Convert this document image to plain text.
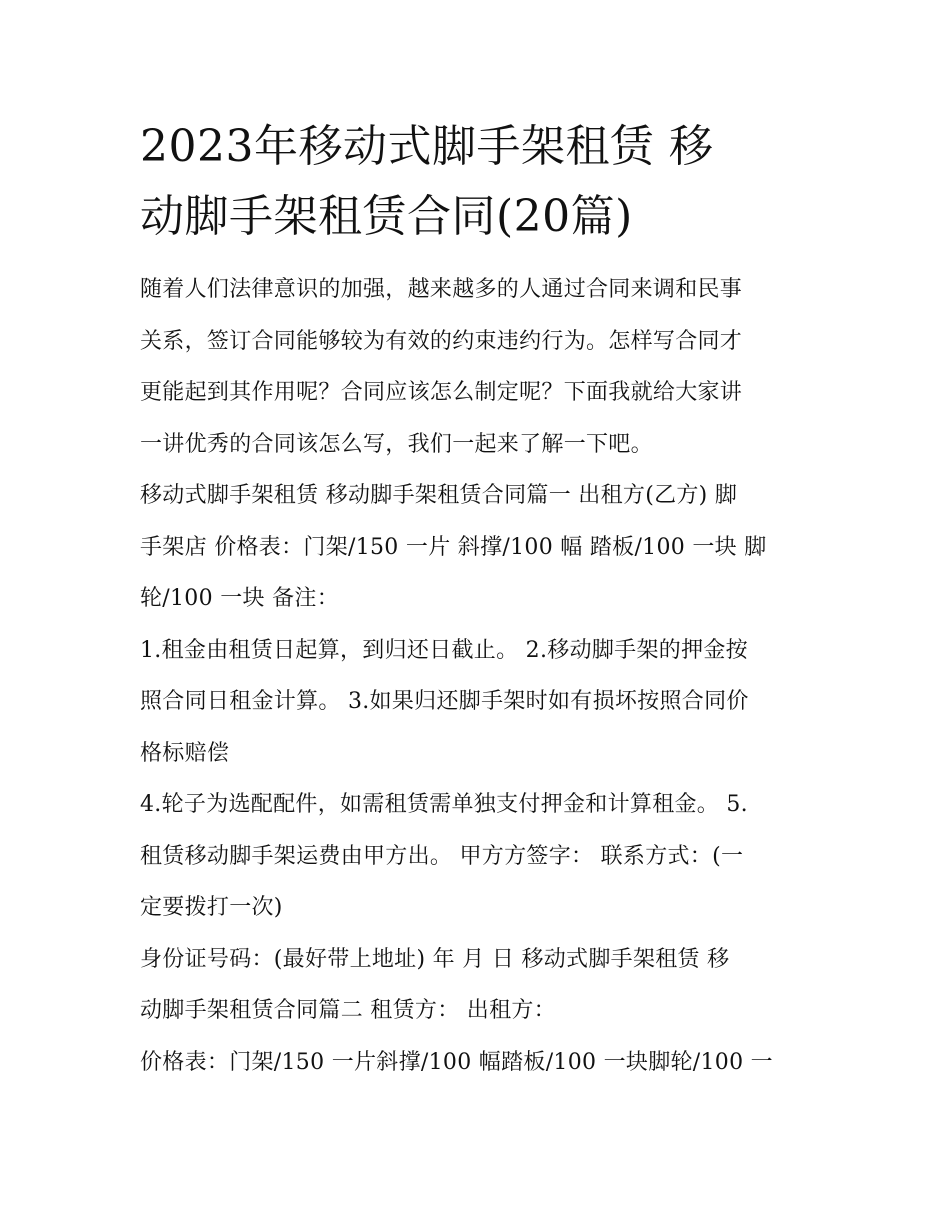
2023年移动式脚手架租赁 移
动脚手架租赁合同(20篇)

随着人们法律意识的加强，越来越多的人通过合同来调和民事
关系，签订合同能够较为有效的约束违约行为。怎样写合同才
更能起到其作用呢？合同应该怎么制定呢？下面我就给大家讲
一讲优秀的合同该怎么写，我们一起来了解一下吧。

移动式脚手架租赁 移动脚手架租赁合同篇一 出租方(乙方) 脚
手架店 价格表：门架/150 一片 斜撑/100 幅 踏板/100 一块 脚
轮/100 一块 备注：

1.租金由租赁日起算，到归还日截止。 2.移动脚手架的押金按
照合同日租金计算。 3.如果归还脚手架时如有损坏按照合同价
格标赔偿

4.轮子为选配配件，如需租赁需单独支付押金和计算租金。 5.
租赁移动脚手架运费由甲方出。 甲方方签字： 联系方式：(一
定要拨打一次)

身份证号码：(最好带上地址) 年 月 日 移动式脚手架租赁 移
动脚手架租赁合同篇二 租赁方： 出租方：

价格表：门架/150 一片斜撑/100 幅踏板/100 一块脚轮/100 一
